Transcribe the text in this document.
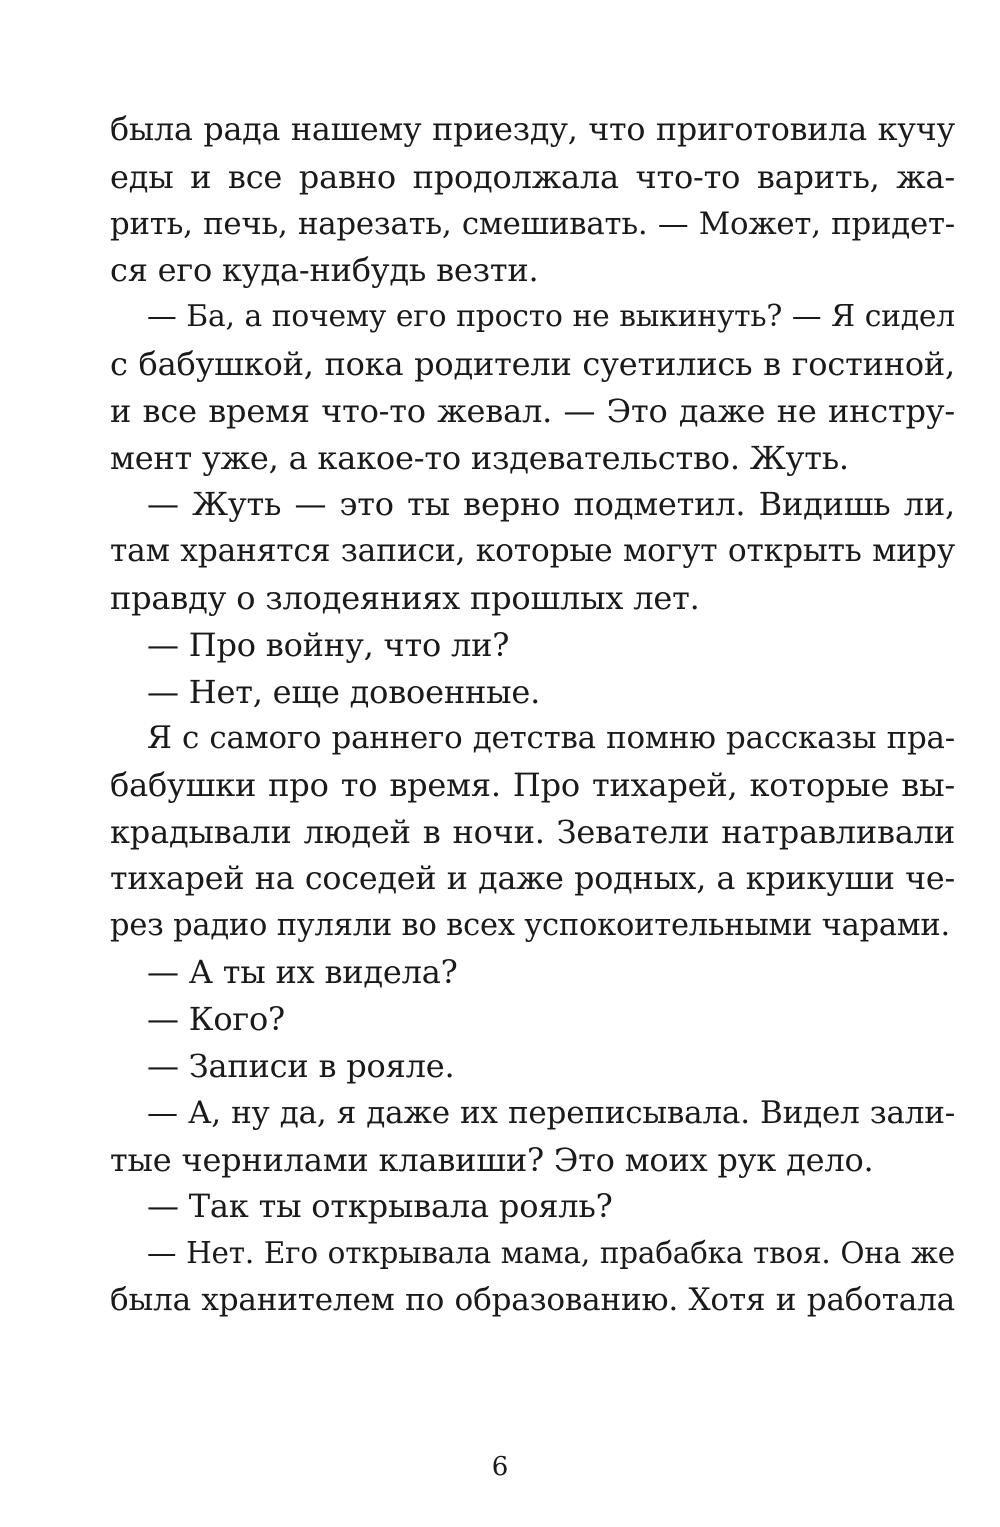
была рада нашему приезду, что приготовила кучу
еды и все равно продолжала что-то варить, жа-
рить, печь, нарезать, смешивать. — Может, придет-
ся его куда-нибудь везти.
— Ба, а почему его просто не выкинуть? — Я сидел
с бабушкой, пока родители суетились в гостиной,
и все время что-то жевал. — Это даже не инстру-
мент уже, а какое-то издевательство. Жуть.
— Жуть — это ты верно подметил. Видишь ли,
там хранятся записи, которые могут открыть миру
правду о злодеяниях прошлых лет.
— Про войну, что ли?
— Нет, еще довоенные.
Я с самого раннего детства помню рассказы пра-
бабушки про то время. Про тихарей, которые вы-
крадывали людей в ночи. Зеватели натравливали
тихарей на соседей и даже родных, а крикуши че-
рез радио пуляли во всех успокоительными чарами.
— А ты их видела?
— Кого?
— Записи в рояле.
— А, ну да, я даже их переписывала. Видел зали-
тые чернилами клавиши? Это моих рук дело.
— Так ты открывала рояль?
— Нет. Его открывала мама, прабабка твоя. Она же
была хранителем по образованию. Хотя и работала
6
